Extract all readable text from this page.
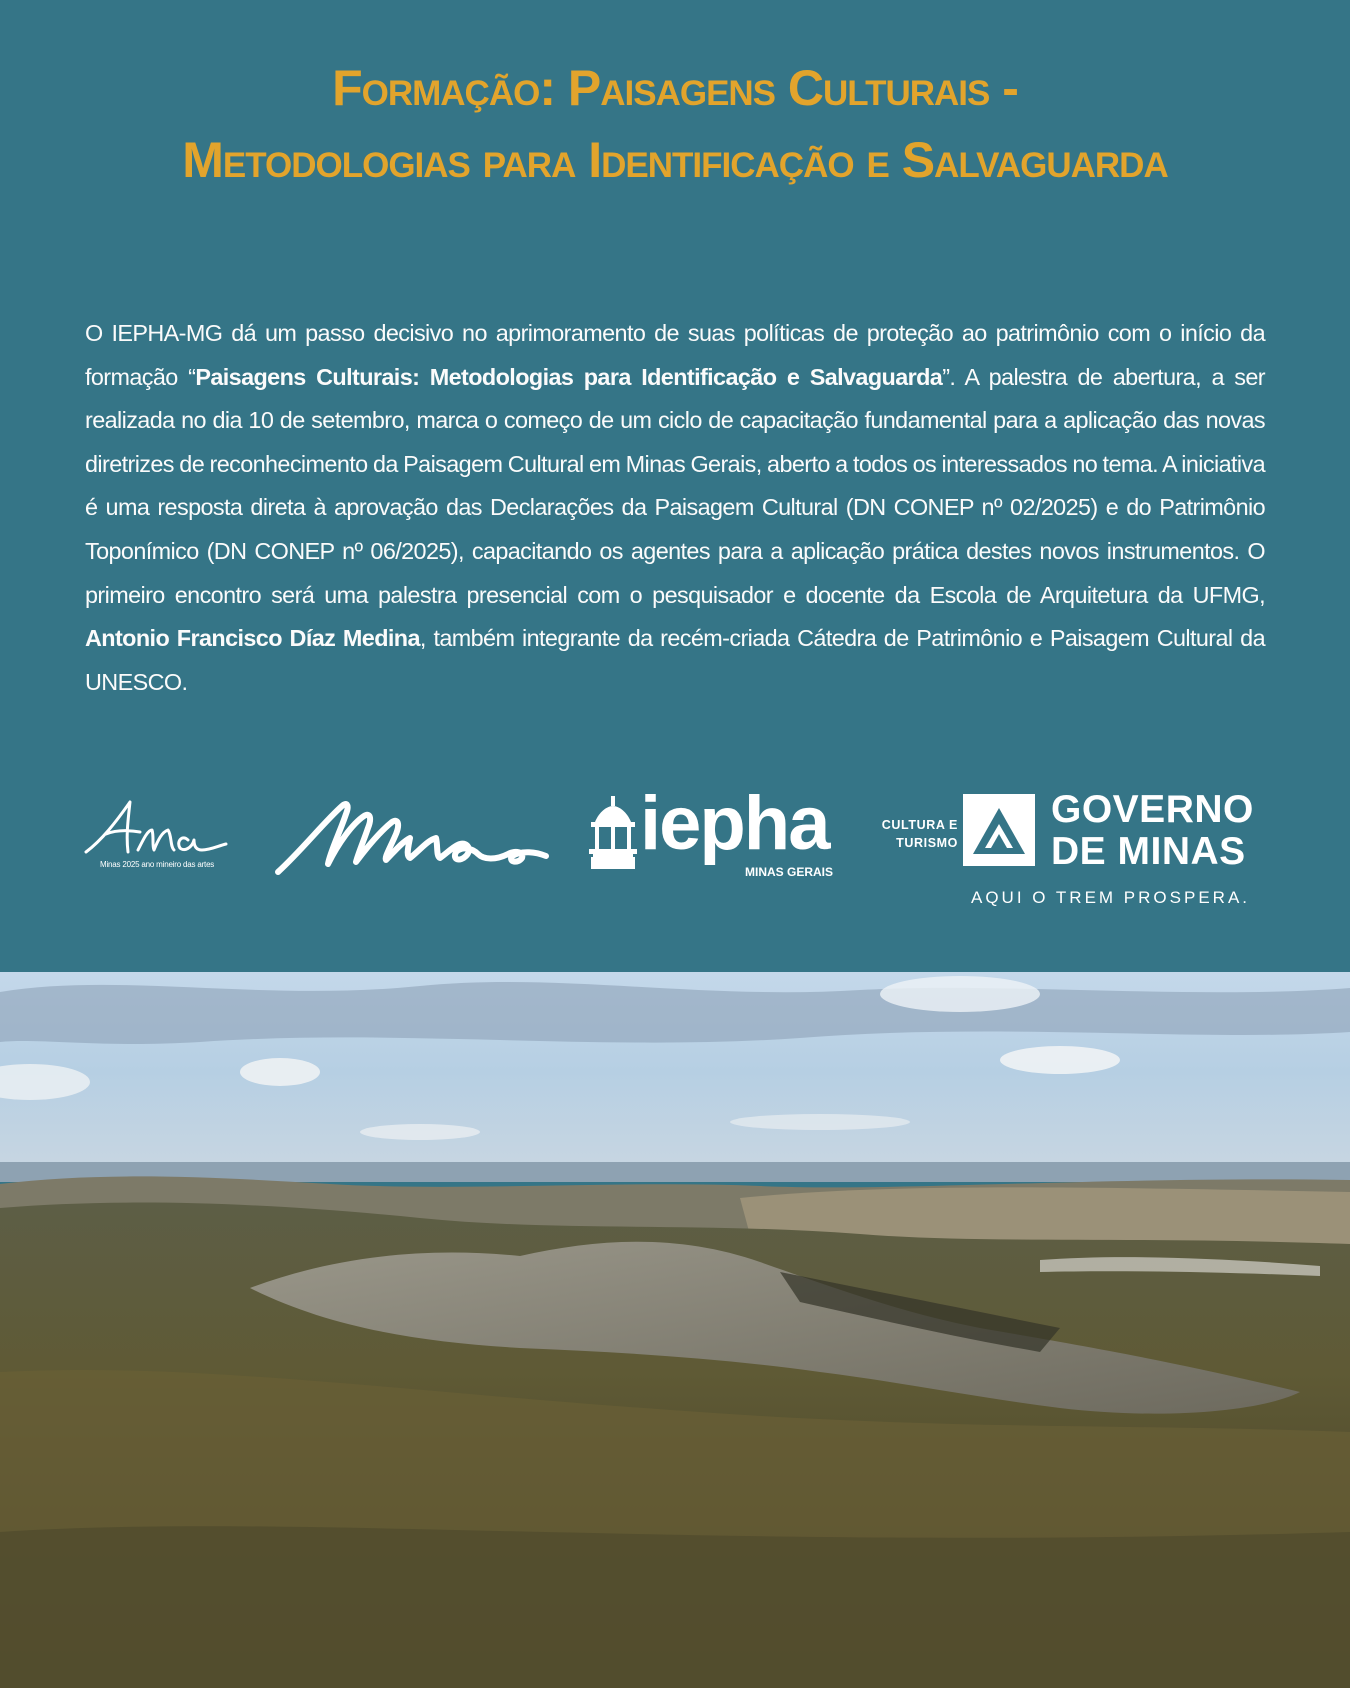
Formação: Paisagens Culturais -
Metodologias para Identificação e Salvaguarda

O IEPHA-MG dá um passo decisivo no aprimoramento de suas políticas de proteção ao patrimônio com o início da formação “Paisagens Culturais: Metodologias para Identificação e Salvaguarda”. A palestra de abertura, a ser realizada no dia 10 de setembro, marca o começo de um ciclo de capacitação fundamental para a aplicação das novas diretrizes de reconhecimento da Paisagem Cultural em Minas Gerais, aberto a todos os interessados no tema. A iniciativa é uma resposta direta à aprovação das Declarações da Paisagem Cultural (DN CONEP nº 02/2025) e do Patrimônio Toponímico (DN CONEP nº 06/2025), capacitando os agentes para a aplicação prática destes novos instrumentos. O primeiro encontro será uma palestra presencial com o pesquisador e docente da Escola de Arquitetura da UFMG, Antonio Francisco Díaz Medina, também integrante da recém-criada Cátedra de Patrimônio e Paisagem Cultural da UNESCO.

Minas 2025 ano mineiro das artes	iepha
MINAS GERAIS
CULTURA E
TURISMO
GOVERNO
DE MINAS
AQUI O TREM PROSPERA.
